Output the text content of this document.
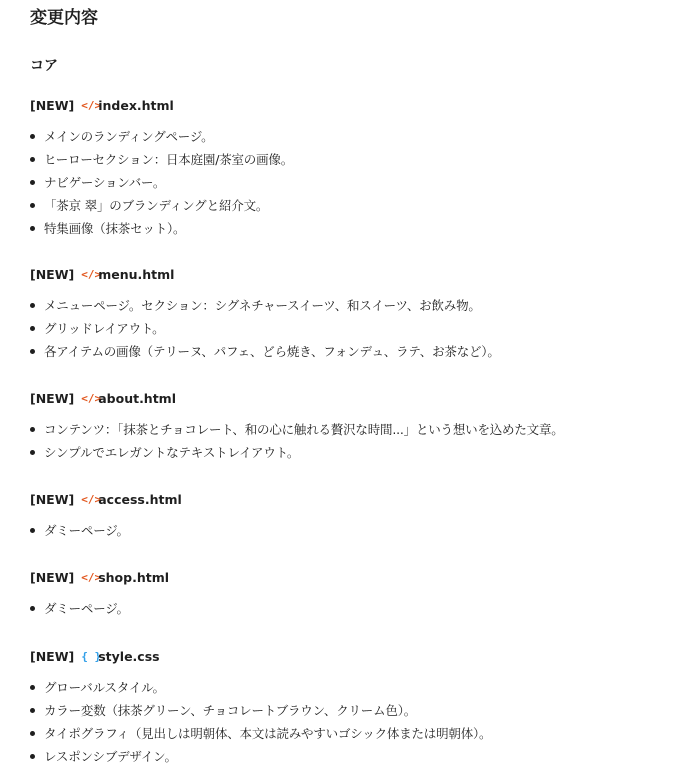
変更内容
コア
[NEW] </>
index.html
メインのランディングページ。
ヒーローセクション：日本庭園/茶室の画像。
ナビゲーションバー。
「茶京 翠」のブランディングと紹介文。
特集画像（抹茶セット）。
[NEW] </>
menu.html
メニューページ。セクション：シグネチャースイーツ、和スイーツ、お飲み物。
グリッドレイアウト。
各アイテムの画像（テリーヌ、パフェ、どら焼き、フォンデュ、ラテ、お茶など）。
[NEW] </>
about.html
コンテンツ：「抹茶とチョコレート、和の心に触れる贅沢な時間...」という想いを込めた文章。
シンプルでエレガントなテキストレイアウト。
[NEW] </>
access.html
ダミーページ。
[NEW] </>
shop.html
ダミーページ。
[NEW] { }
style.css
グローバルスタイル。
カラー変数（抹茶グリーン、チョコレートブラウン、クリーム色）。
タイポグラフィ（見出しは明朝体、本文は読みやすいゴシック体または明朝体）。
レスポンシブデザイン。
